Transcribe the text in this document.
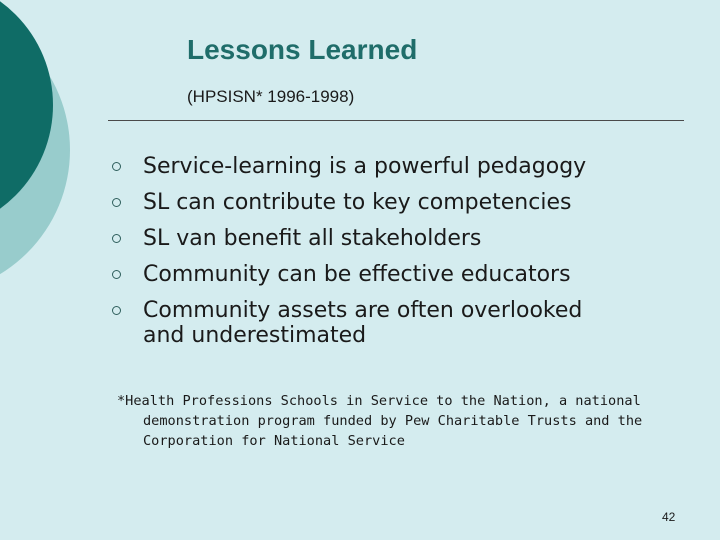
Lessons Learned
(HPSISN* 1996-1998)
Service-learning is a powerful pedagogy
SL can contribute to key competencies
SL van benefit all stakeholders
Community can be effective educators
Community assets are often overlooked
and underestimated
*Health Professions Schools in Service to the Nation, a national
demonstration program funded by Pew Charitable Trusts and the
Corporation for National Service
42
